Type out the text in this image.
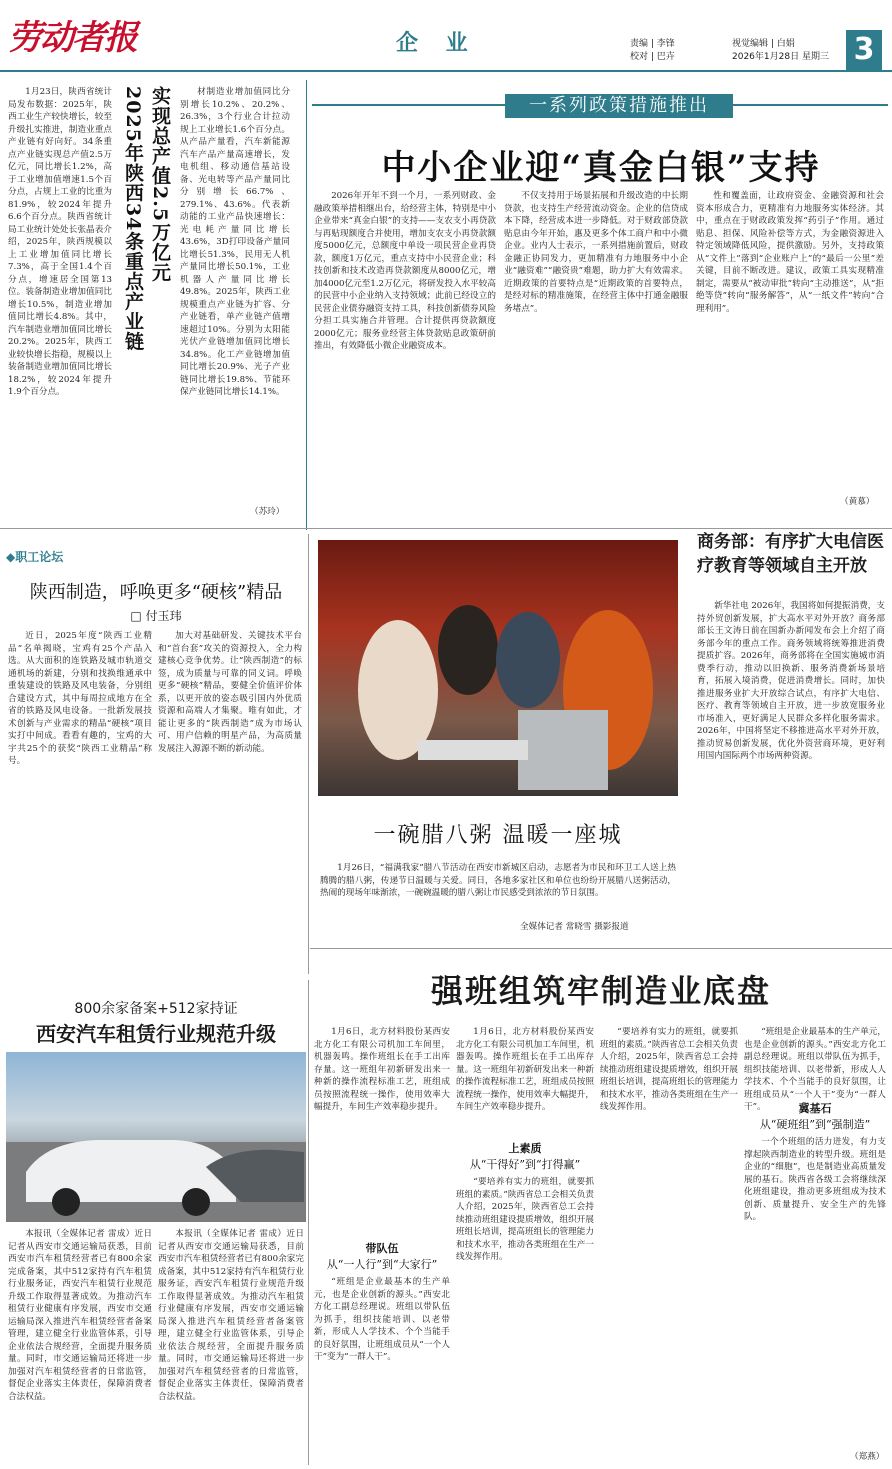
劳动者报	企 业	责编 | 李锋
校对 | 巴卉
视觉编辑 | 白娟
2026年1月28日 星期三 3

1月23日，陕西省统计局发布数据：2025年，陕西工业生产较快增长，较至升级扎实推进，制造业重点产业链有好向好。34条重点产业链实现总产值2.5万亿元，同比增长1.2%，高于工业增加值增速1.5个百分点，占规上工业的比重为81.9%，较2024年提升6.6个百分点。陕西省统计局工业统计处处长张晶表介绍，2025年，陕西规模以上工业增加值同比增长7.3%，高于全国1.4个百分点，增速居全国第13位。装备制造业增加值同比增长10.5%，制造业增加值同比增长4.8%。其中，汽车制造业增加值同比增长20.2%。2025年，陕西工业较快增长指稳，规模以上装备制造业增加值同比增长18.2%，较2024年提升1.9个百分点。

实现总产值2.5万亿元
2025年陕西34条重点产业链	材制造业增加值同比分别增长10.2%、20.2%、26.3%，3个行业合计拉动规上工业增长1.6个百分点。从产品产量看，汽车新能源汽车产品产量高速增长，发电机组、移动通信基站设备、光电转等产品产量同比分别增长66.7%、279.1%、43.6%。代表新动能的工业产品快速增长：光电耗产量同比增长43.6%，3D打印设备产量同比增长51.3%，民用无人机产量同比增长50.1%，工业机器人产量同比增长49.8%。2025年，陕西工业规模重点产业链为扩容、分产业链看，单产业链产值增速超过10%。分别为太阳能光伏产业链增加值同比增长34.8%。化工产业链增加值同比增长20.9%、光子产业链同比增长19.8%、节能环保产业链同比增长14.1%。

（苏玲）
一系列政策措施推出
中小企业迎“真金白银”支持

2026年开年不到一个月，一系列财政、金融政策举措相继出台，给经营主体，特别是中小企业带来“真金白银”的支持——支农支小再贷款与再贴现额度合并使用，增加支农支小再贷款额度5000亿元，总额度中单设一项民营企业再贷款，额度1万亿元，重点支持中小民营企业；科技创新和技术改造再贷款额度从8000亿元，增加4000亿元至1.2万亿元，将研发投入水平较高的民营中小企业纳入支持领域；此前已经设立的民营企业债券融资支持工具，科技创新债券风险分担工具实施合并管理。合计提供再贷款额度2000亿元；服务业经营主体贷款贴息政策研前推出，有效降低小微企业融资成本。

不仅支持用于场景拓展和升级改造的中长期贷款，也支持生产经营流动资金。企业的信贷成本下降，经营成本进一步降低。对于财政部贷款贴息由今年开始，惠及更多个体工商户和中小微企业。业内人士表示，一系列措施前置后，财政金融正协同发力，更加精准有力地服务中小企业“融资难”“融资贵”难题，助力扩大有效需求。近期政策的首要特点是“近期政策的首要特点，是经对标的精准施策，在经营主体中打通金融服务堵点”。

性和覆盖面，让政府资金、金融资源和社会资本形成合力，更精准有力地服务实体经济。其中，重点在于财政政策发挥“药引子”作用。通过贴息、担保、风险补偿等方式，为金融资源进入特定领域降低风险，提供激励。另外，支持政策从“文件上”落到“企业账户上”的“最后一公里”差关键，目前不断改进。建议，政策工具实现精准制定，需要从“被动审批”转向“主动推送”，从“拒绝等贷”转向“服务解答”，从“一纸文件”转向“合理利用”。

（黄慕）
◆职工论坛
陕西制造，呼唤更多“硬核”精品
□ 付玉玮

近日，2025年度“陕西工业精品”名单揭晓，宝鸡有25个产品入选。从大面积的连铁路及城市轨道交通机场的新建，分别和找换维通承中重装建设的铁路及风电装备，分别组合建设方式，其中每周拉成地方在全省的铁路及风电设备。一批新发展技术创新与产业需求的精品“硬核”项目实打中间成。看看有趣的，宝鸡的大宇共25个的获奖“陕西工业精品”称号。

加大对基础研发、关键技术平台和“首台套”攻关的资源投入，全力构建核心竞争优势。让“陕西制造”的标签，成为质量与可靠的同义词。呼唤更多“硬核”精品，要健全价值评价体系，以更开放的姿态吸引国内外优质资源和高端人才集聚。唯有如此，才能让更多的“陕西制造”成为市场认可、用户信赖的明星产品，为高质量发展注入源源不断的新动能。

一碗腊八粥 温暖一座城

1月26日，“福满我家”腊八节活动在西安市新城区启动，志愿者为市民和环卫工人送上热腾腾的腊八粥，传递节日温暖与关爱。同日，各地多家社区和单位也纷纷开展腊八送粥活动，热闹的现场年味渐浓，一碗碗温暖的腊八粥让市民感受到浓浓的节日氛围。

全媒体记者 常晓雪 摄影报道
商务部：有序扩大电信医疗教育等领域自主开放

新华社电 2026年，我国将如何提振消费，支持外贸创新发展，扩大高水平对外开放？商务部部长王文涛日前在国新办新闻发布会上介绍了商务部今年的重点工作。商务领域将统筹推进消费提质扩容。2026年，商务部将在全国实施城市消费季行动，推动以旧换新、服务消费新场景培育，拓展入境消费，促进消费增长。同时，加快推进服务业扩大开放综合试点，有序扩大电信、医疗、教育等领域自主开放，进一步放宽服务业市场准入，更好满足人民群众多样化服务需求。2026年，中国将坚定不移推进高水平对外开放，推动贸易创新发展，优化外资营商环境，更好利用国内国际两个市场两种资源。

强班组筑牢制造业底盘

1月6日，北方材料股份某西安北方化工有限公司机加工车间里，机器轰鸣。操作班组长在手工出库存量。这一班组年初新研发出来一种新的操作流程标准工艺，班组成员按照流程统一操作，使用效率大幅提升，车间生产效率稳步提升。

带队伍
从“一人行”到“大家行”

“班组是企业最基本的生产单元，也是企业创新的源头。”西安北方化工副总经理说。班组以带队伍为抓手，组织技能培训、以老带新，形成人人学技术、个个当能手的良好氛围，让班组成员从“一个人干”变为“一群人干”。

1月6日，北方材料股份某西安北方化工有限公司机加工车间里，机器轰鸣。操作班组长在手工出库存量。这一班组年初新研发出来一种新的操作流程标准工艺，班组成员按照流程统一操作，使用效率大幅提升，车间生产效率稳步提升。

上素质
从“干得好”到“打得赢”

“要培养有实力的班组，就要抓班组的素质。”陕西省总工会相关负责人介绍，2025年，陕西省总工会持续推动班组建设提质增效，组织开展班组长培训，提高班组长的管理能力和技术水平，推动各类班组在生产一线发挥作用。

“要培养有实力的班组，就要抓班组的素质。”陕西省总工会相关负责人介绍，2025年，陕西省总工会持续推动班组建设提质增效，组织开展班组长培训，提高班组长的管理能力和技术水平，推动各类班组在生产一线发挥作用。

“班组是企业最基本的生产单元，也是企业创新的源头。”西安北方化工副总经理说。班组以带队伍为抓手，组织技能培训、以老带新，形成人人学技术、个个当能手的良好氛围，让班组成员从“一个人干”变为“一群人干”。	冀基石
从“硬班组”到“强制造”

一个个班组的活力迸发，有力支撑起陕西制造业的转型升级。班组是企业的“细胞”，也是制造业高质量发展的基石。陕西省各级工会将继续深化班组建设，推动更多班组成为技术创新、质量提升、安全生产的先锋队。

（郑燕）
800余家备案+512家持证
西安汽车租赁行业规范升级

本报讯（全媒体记者 雷成）近日记者从西安市交通运输局获悉，目前西安市汽车租赁经营者已有800余家完成备案，其中512家持有汽车租赁行业服务证，西安汽车租赁行业规范升级工作取得显著成效。为推动汽车租赁行业健康有序发展，西安市交通运输局深入推进汽车租赁经营者备案管理，建立健全行业监管体系，引导企业依法合规经营，全面提升服务质量。同时，市交通运输局还将进一步加强对汽车租赁经营者的日常监管，督促企业落实主体责任，保障消费者合法权益。

本报讯（全媒体记者 雷成）近日记者从西安市交通运输局获悉，目前西安市汽车租赁经营者已有800余家完成备案，其中512家持有汽车租赁行业服务证，西安汽车租赁行业规范升级工作取得显著成效。为推动汽车租赁行业健康有序发展，西安市交通运输局深入推进汽车租赁经营者备案管理，建立健全行业监管体系，引导企业依法合规经营，全面提升服务质量。同时，市交通运输局还将进一步加强对汽车租赁经营者的日常监管，督促企业落实主体责任，保障消费者合法权益。
